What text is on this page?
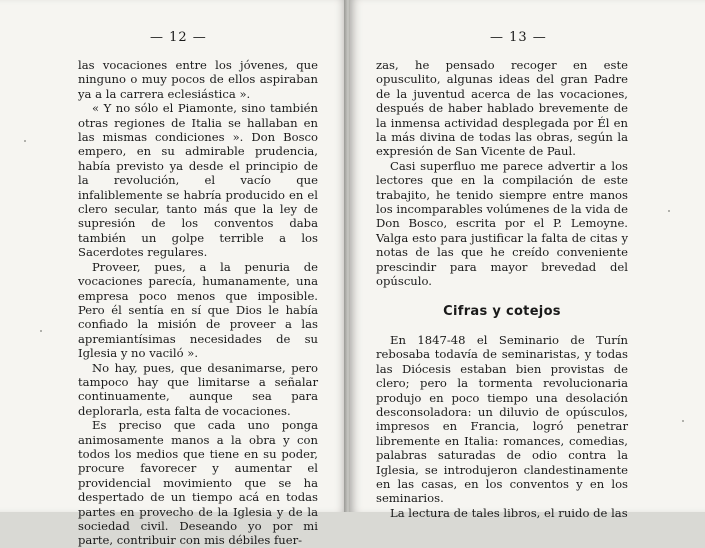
— 12 —	— 13 —

las vocaciones entre los jóvenes, que ninguno o muy pocos de ellos aspiraban ya a la carrera eclesiástica ».

« Y no sólo el Piamonte, sino también otras regiones de Italia se hallaban en las mismas condiciones ». Don Bosco empero, en su admirable prudencia, había previsto ya desde el principio de la revolución, el vacío que infaliblemente se habría producido en el clero secular, tanto más que la ley de supresión de los conventos daba también un golpe terrible a los Sacerdotes regulares.

Proveer, pues, a la penuria de vocaciones parecía, humanamente, una empresa poco menos que imposible. Pero él sentía en sí que Dios le había confiado la misión de proveer a las apremiantísimas necesidades de su Iglesia y no vaciló ».

No hay, pues, que desanimarse, pero tampoco hay que limitarse a señalar continuamente, aunque sea para deplorarla, esta falta de vocaciones.

Es preciso que cada uno ponga animosamente manos a la obra y con todos los medios que tiene en su poder, procure favorecer y aumentar el providencial movimiento que se ha despertado de un tiempo acá en todas partes en provecho de la Iglesia y de la sociedad civil. Deseando yo por mi parte, contribuir con mis débiles fuer-

zas, he pensado recoger en este opusculito, algunas ideas del gran Padre de la juventud acerca de las vocaciones, después de haber hablado brevemente de la inmensa actividad desplegada por Él en la más divina de todas las obras, según la expresión de San Vicente de Paul.

Casi superfluo me parece advertir a los lectores que en la compilación de este trabajito, he tenido siempre entre manos los incomparables volúmenes de la vida de Don Bosco, escrita por el P. Lemoyne. Valga esto para justificar la falta de citas y notas de las que he creído conveniente prescindir para mayor brevedad del opúsculo.

Cifras y cotejos

En 1847-48 el Seminario de Turín rebosaba todavía de seminaristas, y todas las Diócesis estaban bien provistas de clero; pero la tormenta revolucionaria produjo en poco tiempo una desolación desconsoladora: un diluvio de opúsculos, impresos en Francia, logró penetrar libremente en Italia: romances, comedias, palabras saturadas de odio contra la Iglesia, se introdujeron clandestinamente en las casas, en los conventos y en los seminarios.

La lectura de tales libros, el ruido de las
